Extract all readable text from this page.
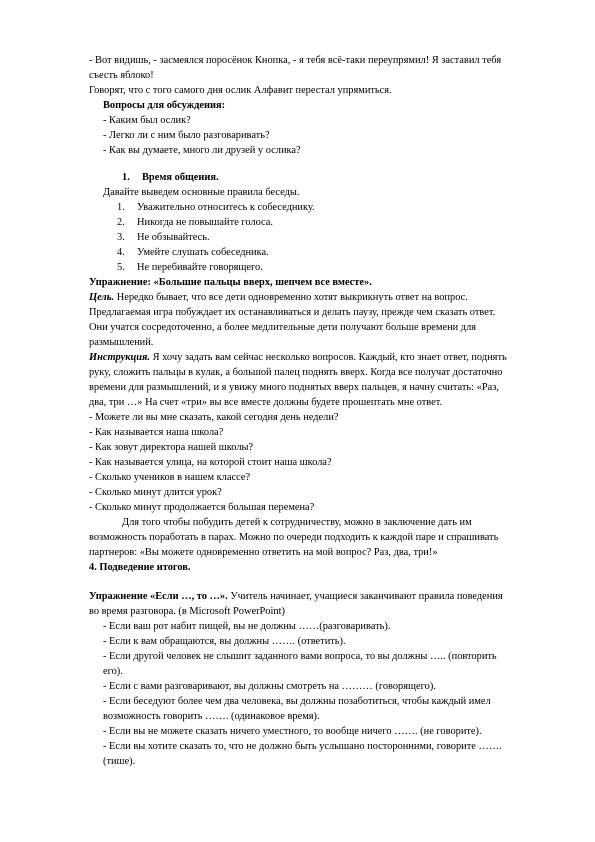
- Вот видишь, - засмеялся поросёнок Кнопка, - я тебя всё-таки переупрямил! Я заставил тебя съесть яблоко!

Говорят, что с того самого дня ослик Алфавит перестал упрямиться.

Вопросы для обсуждения:

- Каким был ослик?

- Легко ли с ним было разговаривать?

- Как вы думаете, много ли друзей у ослика?

1. Время общения.

Давайте выведем основные правила беседы.

1.	Уважительно относитесь к собеседнику.
2.	Никогда не повышайте голоса.
3.	Не обзывайтесь.
4.	Умейте слушать собеседника.
5.	Не перебивайте говорящего.

Упражнение: «Большие пальцы вверх, шепчем все вместе».

Цель. Нередко бывает, что все дети одновременно хотят выкрикнуть ответ на вопрос. Предлагаемая игра побуждает их останавливаться и делать паузу, прежде чем сказать ответ. Они учатся сосредоточенно, а более медлительные дети получают больше времени для размышлений.

Инструкция. Я хочу задать вам сейчас несколько вопросов. Каждый, кто знает ответ, поднять руку, сложить пальцы в кулак, а большой палец поднять вверх. Когда все получат достаточно времени для размышлений, и я увижу много поднятых вверх пальцев, я начну считать: «Раз, два, три …» На счет «три» вы все вместе должны будете прошептать мне ответ.

- Можете ли вы мне сказать, какой сегодня день недели?

- Как называется наша школа?

- Как зовут директора нашей школы?

- Как называется улица, на которой стоит наша школа?

- Сколько учеников в нашем классе?

- Сколько минут длится урок?

- Сколько минут продолжается большая перемена?

Для того чтобы побудить детей к сотрудничеству, можно в заключение дать им возможность поработать в парах. Можно по очереди подходить к каждой паре и спрашивать партнеров: «Вы можете одновременно ответить на мой вопрос? Раз, два, три!»

4. Подведение итогов.

Упражнение «Если …, то …». Учитель начинает, учащиеся заканчивают правила поведения во время разговора. (в Microsoft PowerPoint)

- Если ваш рот набит пищей, вы не должны ……(разговаривать).

- Если к вам обращаются, вы должны ……. (ответить).

- Если другой человек не слышит заданного вами вопроса, то вы должны ….. (повторить его).

- Если с вами разговаривают, вы должны смотреть на ……… (говорящего).

- Если беседуют более чем два человека, вы должны позаботиться, чтобы каждый имел возможность говорить ……. (одинаковое время).

- Если вы не можете сказать ничего уместного, то вообще ничего ……. (не говорите).

- Если вы хотите сказать то, что не должно быть услышано посторонними, говорите ……. (тише).
